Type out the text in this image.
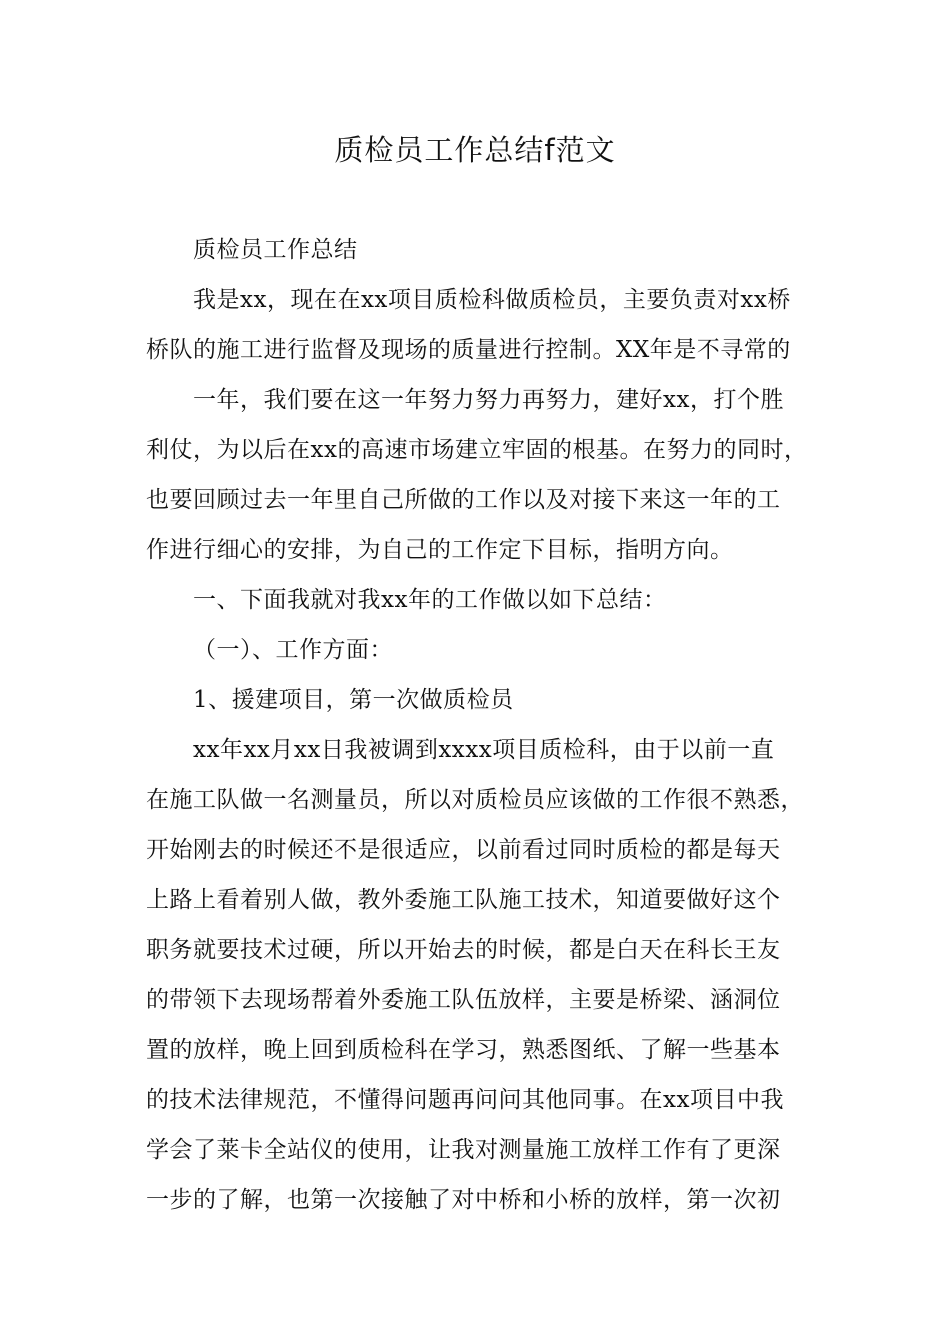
质检员工作总结f范文
质检员工作总结
我是xx，现在在xx项目质检科做质检员，主要负责对xx桥
桥队的施工进行监督及现场的质量进行控制。XX年是不寻常的
一年，我们要在这一年努力努力再努力，建好xx，打个胜
利仗，为以后在xx的高速市场建立牢固的根基。在努力的同时，
也要回顾过去一年里自己所做的工作以及对接下来这一年的工
作进行细心的安排，为自己的工作定下目标，指明方向。
一、下面我就对我xx年的工作做以如下总结：
（一）、工作方面：
1、援建项目，第一次做质检员
xx年xx月xx日我被调到xxxx项目质检科，由于以前一直
在施工队做一名测量员，所以对质检员应该做的工作很不熟悉，
开始刚去的时候还不是很适应，以前看过同时质检的都是每天
上路上看着别人做，教外委施工队施工技术，知道要做好这个
职务就要技术过硬，所以开始去的时候，都是白天在科长王友
的带领下去现场帮着外委施工队伍放样，主要是桥梁、涵洞位
置的放样，晚上回到质检科在学习，熟悉图纸、了解一些基本
的技术法律规范，不懂得问题再问问其他同事。在xx项目中我
学会了莱卡全站仪的使用，让我对测量施工放样工作有了更深
一步的了解，也第一次接触了对中桥和小桥的放样，第一次初
